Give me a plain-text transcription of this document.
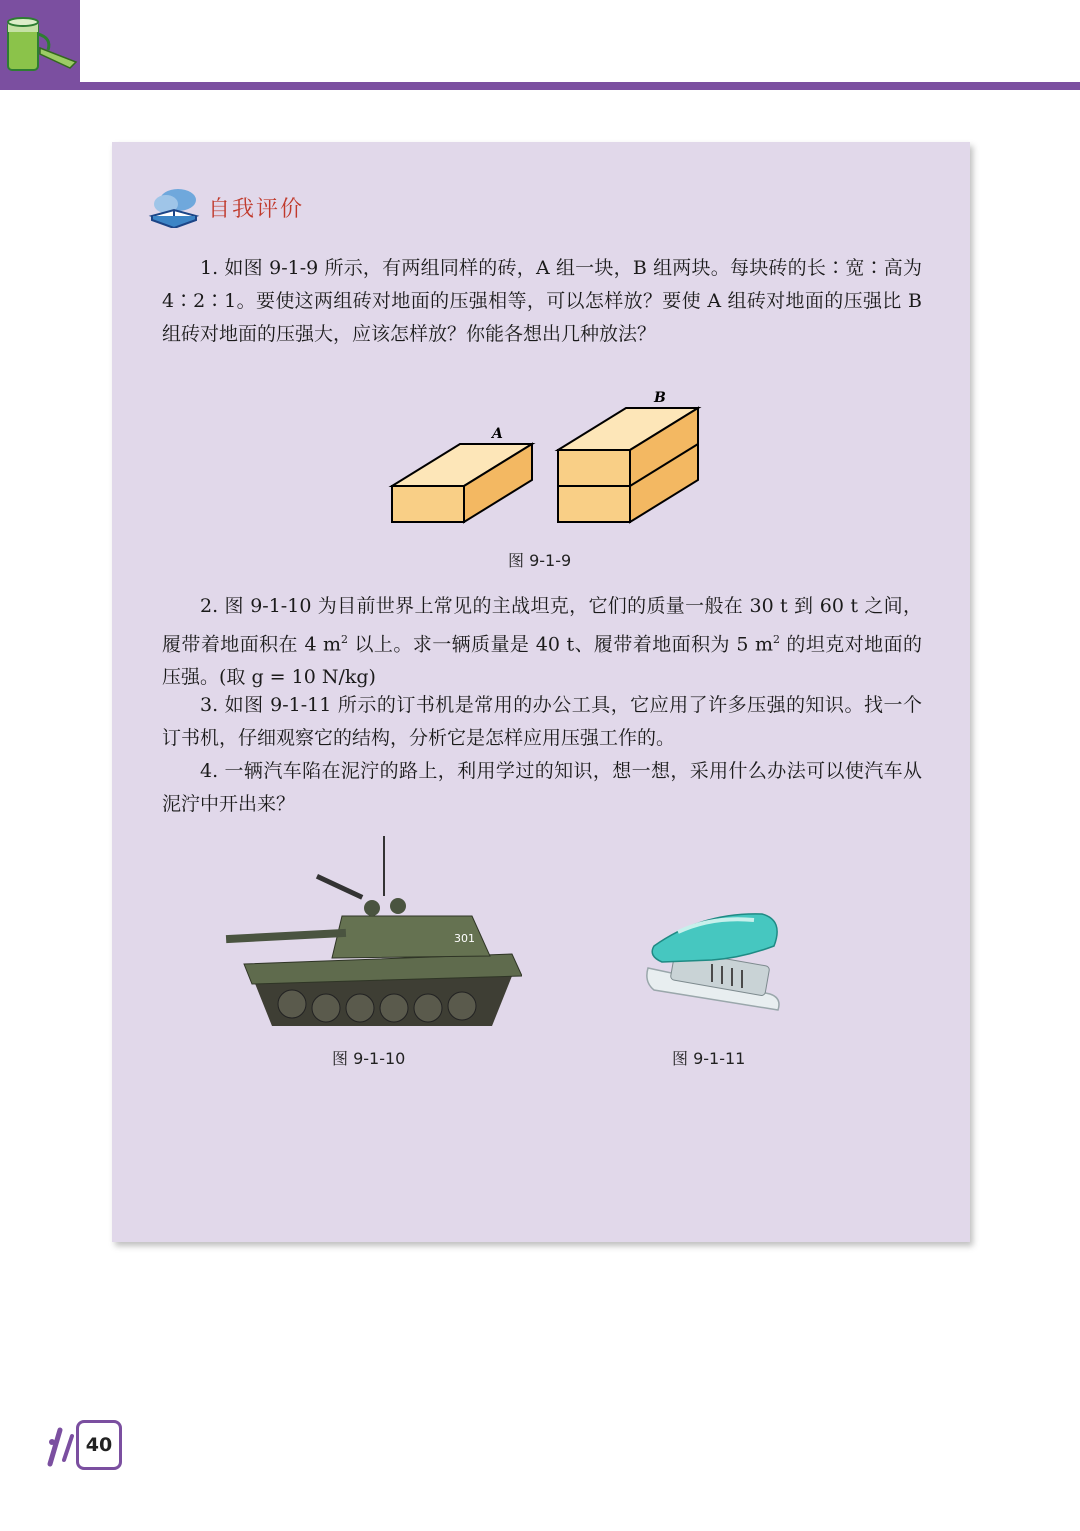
自我评价

1. 如图 9-1-9 所示，有两组同样的砖，A 组一块，B 组两块。每块砖的长∶宽∶高为 4∶2∶1。要使这两组砖对地面的压强相等，可以怎样放？要使 A 组砖对地面的压强比 B 组砖对地面的压强大，应该怎样放？你能各想出几种放法？

A
B
图 9-1-9

2. 图 9-1-10 为目前世界上常见的主战坦克，它们的质量一般在 30 t 到 60 t 之间，履带着地面积在 4 $m^2$ 以上。求一辆质量是 40 t、履带着地面积为 5 $m^2$ 的坦克对地面的压强。(取 g = 10 N/kg)

3. 如图 9-1-11 所示的订书机是常用的办公工具，它应用了许多压强的知识。找一个订书机，仔细观察它的结构，分析它是怎样应用压强工作的。

4. 一辆汽车陷在泥泞的路上，利用学过的知识，想一想，采用什么办法可以使汽车从泥泞中开出来？

301
图 9-1-10	图 9-1-11
40
